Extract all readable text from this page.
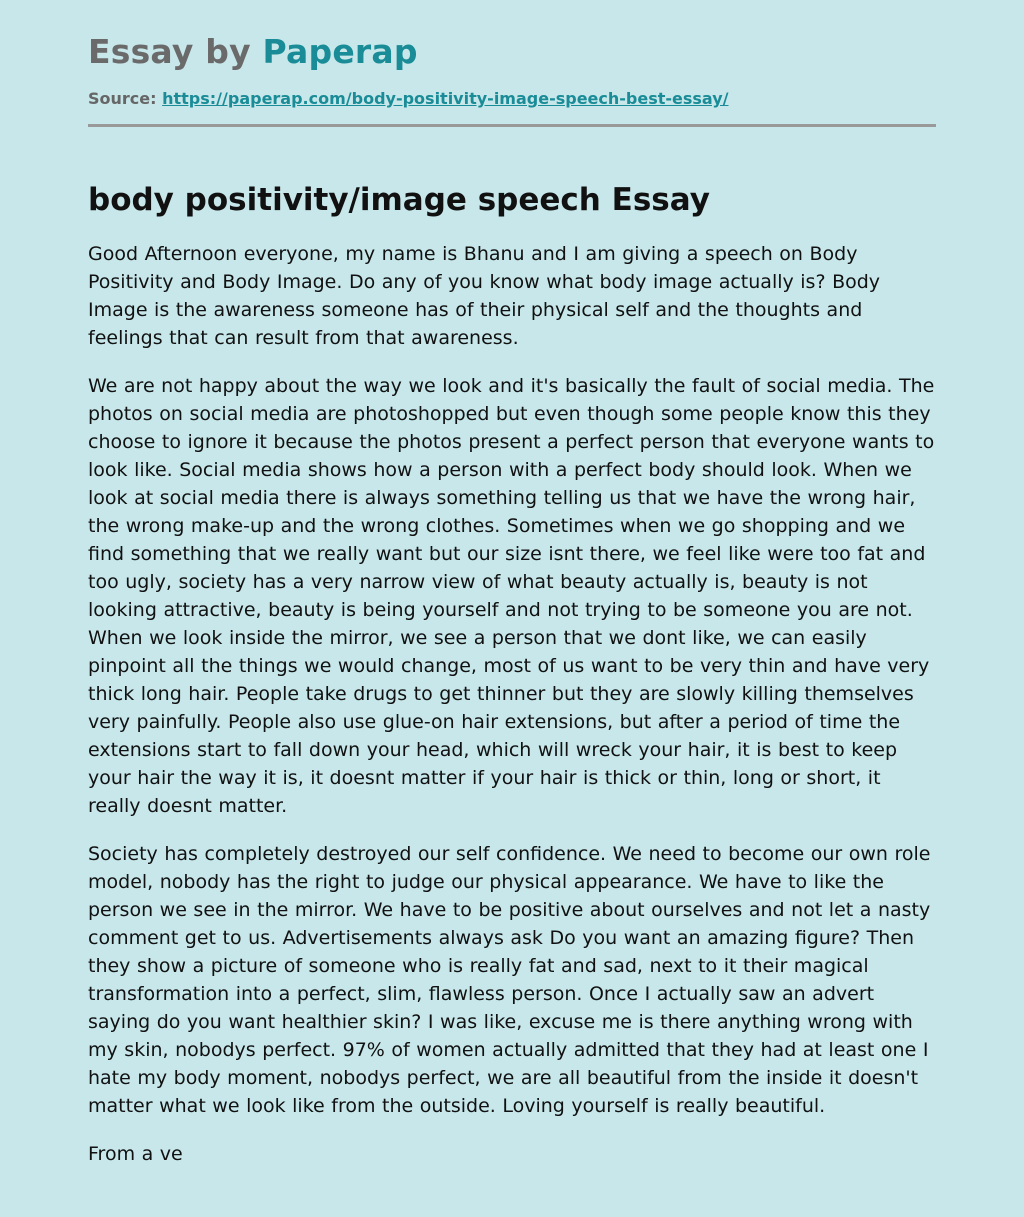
Essay by Paperap
Source: https://paperap.com/body-positivity-image-speech-best-essay/
body positivity/image speech Essay

Good Afternoon everyone, my name is Bhanu and I am giving a speech on Body Positivity and Body Image. Do any of you know what body image actually is? Body Image is the awareness someone has of their physical self and the thoughts and feelings that can result from that awareness.

We are not happy about the way we look and it's basically the fault of social media. The photos on social media are photoshopped but even though some people know this they choose to ignore it because the photos present a perfect person that everyone wants to look like. Social media shows how a person with a perfect body should look. When we look at social media there is always something telling us that we have the wrong hair, the wrong make-up and the wrong clothes. Sometimes when we go shopping and we find something that we really want but our size isnt there, we feel like were too fat and too ugly, society has a very narrow view of what beauty actually is, beauty is not looking attractive, beauty is being yourself and not trying to be someone you are not. When we look inside the mirror, we see a person that we dont like, we can easily pinpoint all the things we would change, most of us want to be very thin and have very thick long hair. People take drugs to get thinner but they are slowly killing themselves very painfully. People also use glue-on hair extensions, but after a period of time the extensions start to fall down your head, which will wreck your hair, it is best to keep your hair the way it is, it doesnt matter if your hair is thick or thin, long or short, it really doesnt matter.

Society has completely destroyed our self confidence. We need to become our own role model, nobody has the right to judge our physical appearance. We have to like the person we see in the mirror. We have to be positive about ourselves and not let a nasty comment get to us. Advertisements always ask Do you want an amazing figure? Then they show a picture of someone who is really fat and sad, next to it their magical transformation into a perfect, slim, flawless person. Once I actually saw an advert saying do you want healthier skin? I was like, excuse me is there anything wrong with my skin, nobodys perfect. 97% of women actually admitted that they had at least one I hate my body moment, nobodys perfect, we are all beautiful from the inside it doesn't matter what we look like from the outside. Loving yourself is really beautiful.

From a ve
